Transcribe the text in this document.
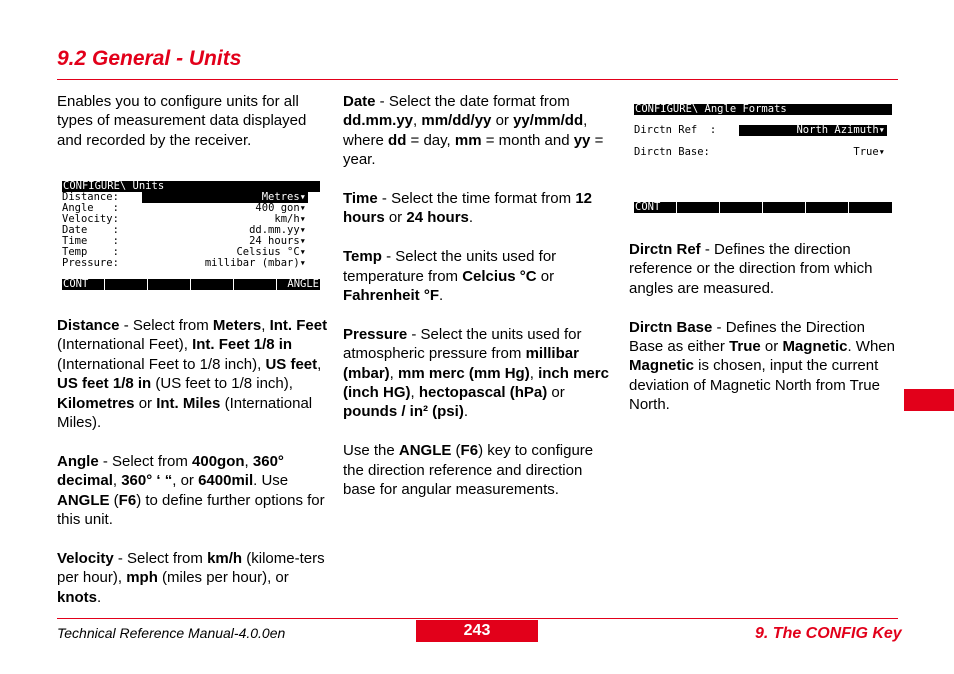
9.2 General - Units

Enables you to configure units for all types of measurement data displayed and recorded by the receiver.

CONFIGURE\ Units

Distance:	Metres▾
Angle   :	400 gon▾
Velocity:	km/h▾
Date    :	dd.mm.yy▾
Time    :	24 hours▾
Temp    :	Celsius °C▾
Pressure:	millibar (mbar)▾

CONT	ANGLE

Distance - Select from Meters, Int. Feet (International Feet), Int. Feet 1/8 in (International Feet to 1/8 inch), US feet, US feet 1/8 in (US feet to 1/8 inch), Kilometres or Int. Miles (International Miles).

Angle - Select from 400gon, 360° decimal, 360° ‘ “, or 6400mil. Use ANGLE (F6) to define further options for this unit.

Velocity - Select from km/h (kilome-ters per hour), mph (miles per hour), or knots.

Date - Select the date format from dd.mm.yy, mm/dd/yy or yy/mm/dd, where dd = day, mm = month and yy = year.

Time - Select the time format from 12 hours or 24 hours.

Temp - Select the units used for temperature from Celcius °C or Fahrenheit °F.

Pressure - Select the units used for atmospheric pressure from millibar (mbar), mm merc (mm Hg), inch merc (inch HG), hectopascal (hPa) or pounds / in² (psi).

Use the ANGLE (F6) key to configure the direction reference and direction base for angular measurements.

CONFIGURE\ Angle Formats

Dirctn Ref  :	North Azimuth▾
Dirctn Base:	True▾

CONT

Dirctn Ref - Defines the direction reference or the direction from which angles are measured.

Dirctn Base - Defines the Direction Base as either True or Magnetic. When Magnetic is chosen, input the current deviation of Magnetic North from True North.

Technical Reference Manual-4.0.0en	243	9. The CONFIG Key
